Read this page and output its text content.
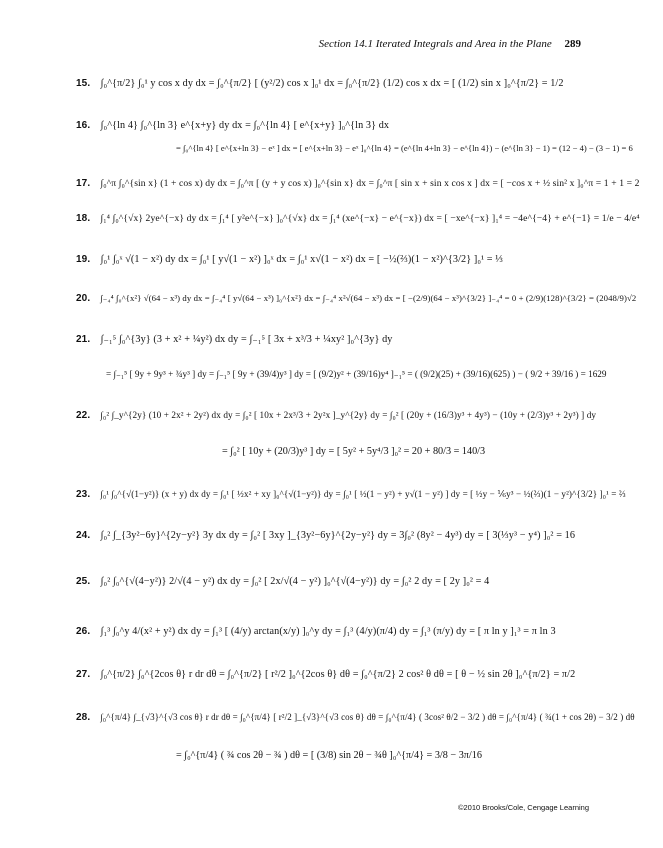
Section 14.1 Iterated Integrals and Area in the Plane 289
15. ∫₀^{π/2} ∫₀¹ y cos x dy dx = ∫₀^{π/2} [ (y²/2) cos x ]₀¹ dx = ∫₀^{π/2} (1/2) cos x dx = [ (1/2) sin x ]₀^{π/2} = 1/2
16. ∫₀^{ln 4} ∫₀^{ln 3} e^{x+y} dy dx = ∫₀^{ln 4} [ e^{x+y} ]₀^{ln 3} dx
= ∫₀^{ln 4} [ e^{x+ln 3} − eˣ ] dx = [ e^{x+ln 3} − eˣ ]₀^{ln 4} = (e^{ln 4+ln 3} − e^{ln 4}) − (e^{ln 3} − 1) = (12 − 4) − (3 − 1) = 6
17. ∫₀^π ∫₀^{sin x} (1 + cos x) dy dx = ∫₀^π [ (y + y cos x) ]₀^{sin x} dx = ∫₀^π [ sin x + sin x cos x ] dx = [ −cos x + ½ sin² x ]₀^π = 1 + 1 = 2
18. ∫₁⁴ ∫₀^{√x} 2ye^{−x} dy dx = ∫₁⁴ [ y²e^{−x} ]₀^{√x} dx = ∫₁⁴ (xe^{−x} − e^{−x}) dx = [ −xe^{−x} ]₁⁴ = −4e^{−4} + e^{−1} = 1/e − 4/e⁴
19. ∫₀¹ ∫₀ˣ √(1 − x²) dy dx = ∫₀¹ [ y√(1 − x²) ]₀ˣ dx = ∫₀¹ x√(1 − x²) dx = [ −½(⅔)(1 − x²)^{3/2} ]₀¹ = ⅓
20. ∫₋₄⁴ ∫₀^{x²} √(64 − x³) dy dx = ∫₋₄⁴ [ y√(64 − x³) ]₀^{x²} dx = ∫₋₄⁴ x²√(64 − x³) dx = [ −(2/9)(64 − x³)^{3/2} ]₋₄⁴ = 0 + (2/9)(128)^{3/2} = (2048/9)√2
21. ∫₋₁⁵ ∫₀^{3y} (3 + x² + ¼y²) dx dy = ∫₋₁⁵ [ 3x + x³/3 + ¼xy² ]₀^{3y} dy
= ∫₋₁⁵ [ 9y + 9y³ + ¾y³ ] dy = ∫₋₁⁵ [ 9y + (39/4)y³ ] dy = [ (9/2)y² + (39/16)y⁴ ]₋₁⁵ = ( (9/2)(25) + (39/16)(625) ) − ( 9/2 + 39/16 ) = 1629
22. ∫₀² ∫_y^{2y} (10 + 2x² + 2y²) dx dy = ∫₀² [ 10x + 2x³/3 + 2y²x ]_y^{2y} dy = ∫₀² [ (20y + (16/3)y³ + 4y³) − (10y + (2/3)y³ + 2y³) ] dy
= ∫₀² [ 10y + (20/3)y³ ] dy = [ 5y² + 5y⁴/3 ]₀² = 20 + 80/3 = 140/3
23. ∫₀¹ ∫₀^{√(1−y²)} (x + y) dx dy = ∫₀¹ [ ½x² + xy ]₀^{√(1−y²)} dy = ∫₀¹ [ ½(1 − y²) + y√(1 − y²) ] dy = [ ½y − ⅙y³ − ½(⅔)(1 − y²)^{3/2} ]₀¹ = ⅔
24. ∫₀² ∫_{3y²−6y}^{2y−y²} 3y dx dy = ∫₀² [ 3xy ]_{3y²−6y}^{2y−y²} dy = 3∫₀² (8y² − 4y³) dy = [ 3(⅓y³ − y⁴) ]₀² = 16
25. ∫₀² ∫₀^{√(4−y²)} 2/√(4 − y²) dx dy = ∫₀² [ 2x/√(4 − y²) ]₀^{√(4−y²)} dy = ∫₀² 2 dy = [ 2y ]₀² = 4
26. ∫₁³ ∫₀^y 4/(x² + y²) dx dy = ∫₁³ [ (4/y) arctan(x/y) ]₀^y dy = ∫₁³ (4/y)(π/4) dy = ∫₁³ (π/y) dy = [ π ln y ]₁³ = π ln 3
27. ∫₀^{π/2} ∫₀^{2cos θ} r dr dθ = ∫₀^{π/2} [ r²/2 ]₀^{2cos θ} dθ = ∫₀^{π/2} 2 cos² θ dθ = [ θ − ½ sin 2θ ]₀^{π/2} = π/2
28. ∫₀^{π/4} ∫_{√3}^{√3 cos θ} r dr dθ = ∫₀^{π/4} [ r²/2 ]_{√3}^{√3 cos θ} dθ = ∫₀^{π/4} ( 3cos² θ/2 − 3/2 ) dθ = ∫₀^{π/4} ( ¾(1 + cos 2θ) − 3/2 ) dθ
= ∫₀^{π/4} ( ¾ cos 2θ − ¾ ) dθ = [ (3/8) sin 2θ − ¾θ ]₀^{π/4} = 3/8 − 3π/16
©2010 Brooks/Cole, Cengage Learning
